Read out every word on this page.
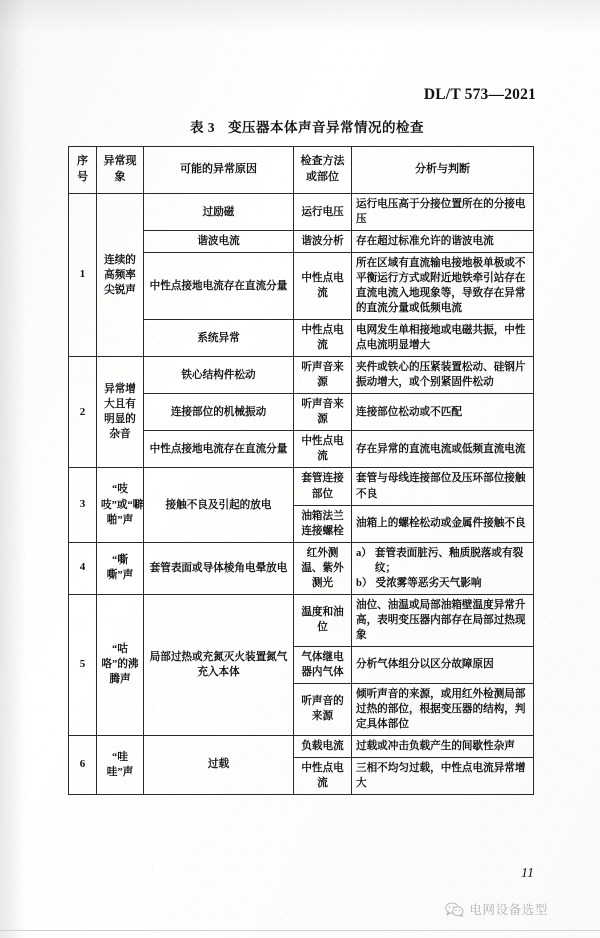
DL/T 573—2021
表 3 变压器本体声音异常情况的检查
序号	异常现象	可能的异常原因	检查方法或部位	分析与判断
1	连续的高频率尖锐声	过励磁	运行电压	运行电压高于分接位置所在的分接电压
		谐波电流	谐波分析	存在超过标准允许的谐波电流
		中性点接地电流存在直流分量	中性点电流	所在区域有直流输电接地极单极或不平衡运行方式或附近地铁牵引站存在直流电流入地现象等，导致存在异常的直流分量或低频电流
		系统异常	中性点电流	电网发生单相接地或电磁共振，中性点电流明显增大
2	异常增大且有明显的杂音	铁心结构件松动	听声音来源	夹件或铁心的压紧装置松动、硅钢片振动增大，或个别紧固件松动
		连接部位的机械振动	听声音来源	连接部位松动或不匹配
		中性点接地电流存在直流分量	中性点电流	存在异常的直流电流或低频直流电流
3	“吱吱”或“噼啪”声	接触不良及引起的放电	套管连接部位	套管与母线连接部位及压环部位接触不良
			油箱法兰连接螺栓	油箱上的螺栓松动或金属件接触不良
4	“嘶嘶”声	套管表面或导体棱角电晕放电	红外测温、紫外测光	a） 套管表面脏污、釉质脱落或有裂纹；
b） 受浓雾等恶劣天气影响

5	“咕咯”的沸腾声	局部过热或充氮灭火装置氮气充入本体	温度和油位	油位、油温或局部油箱壁温度异常升高，表明变压器内部存在局部过热现象
			气体继电器内气体	分析气体组分以区分故障原因
			听声音的来源	倾听声音的来源，或用红外检测局部过热的部位，根据变压器的结构，判定具体部位
6	“哇哇”声	过载	负载电流	过载或冲击负载产生的间歇性杂声
			中性点电流	三相不均匀过载，中性点电流异常增大
11
电网设备选型
